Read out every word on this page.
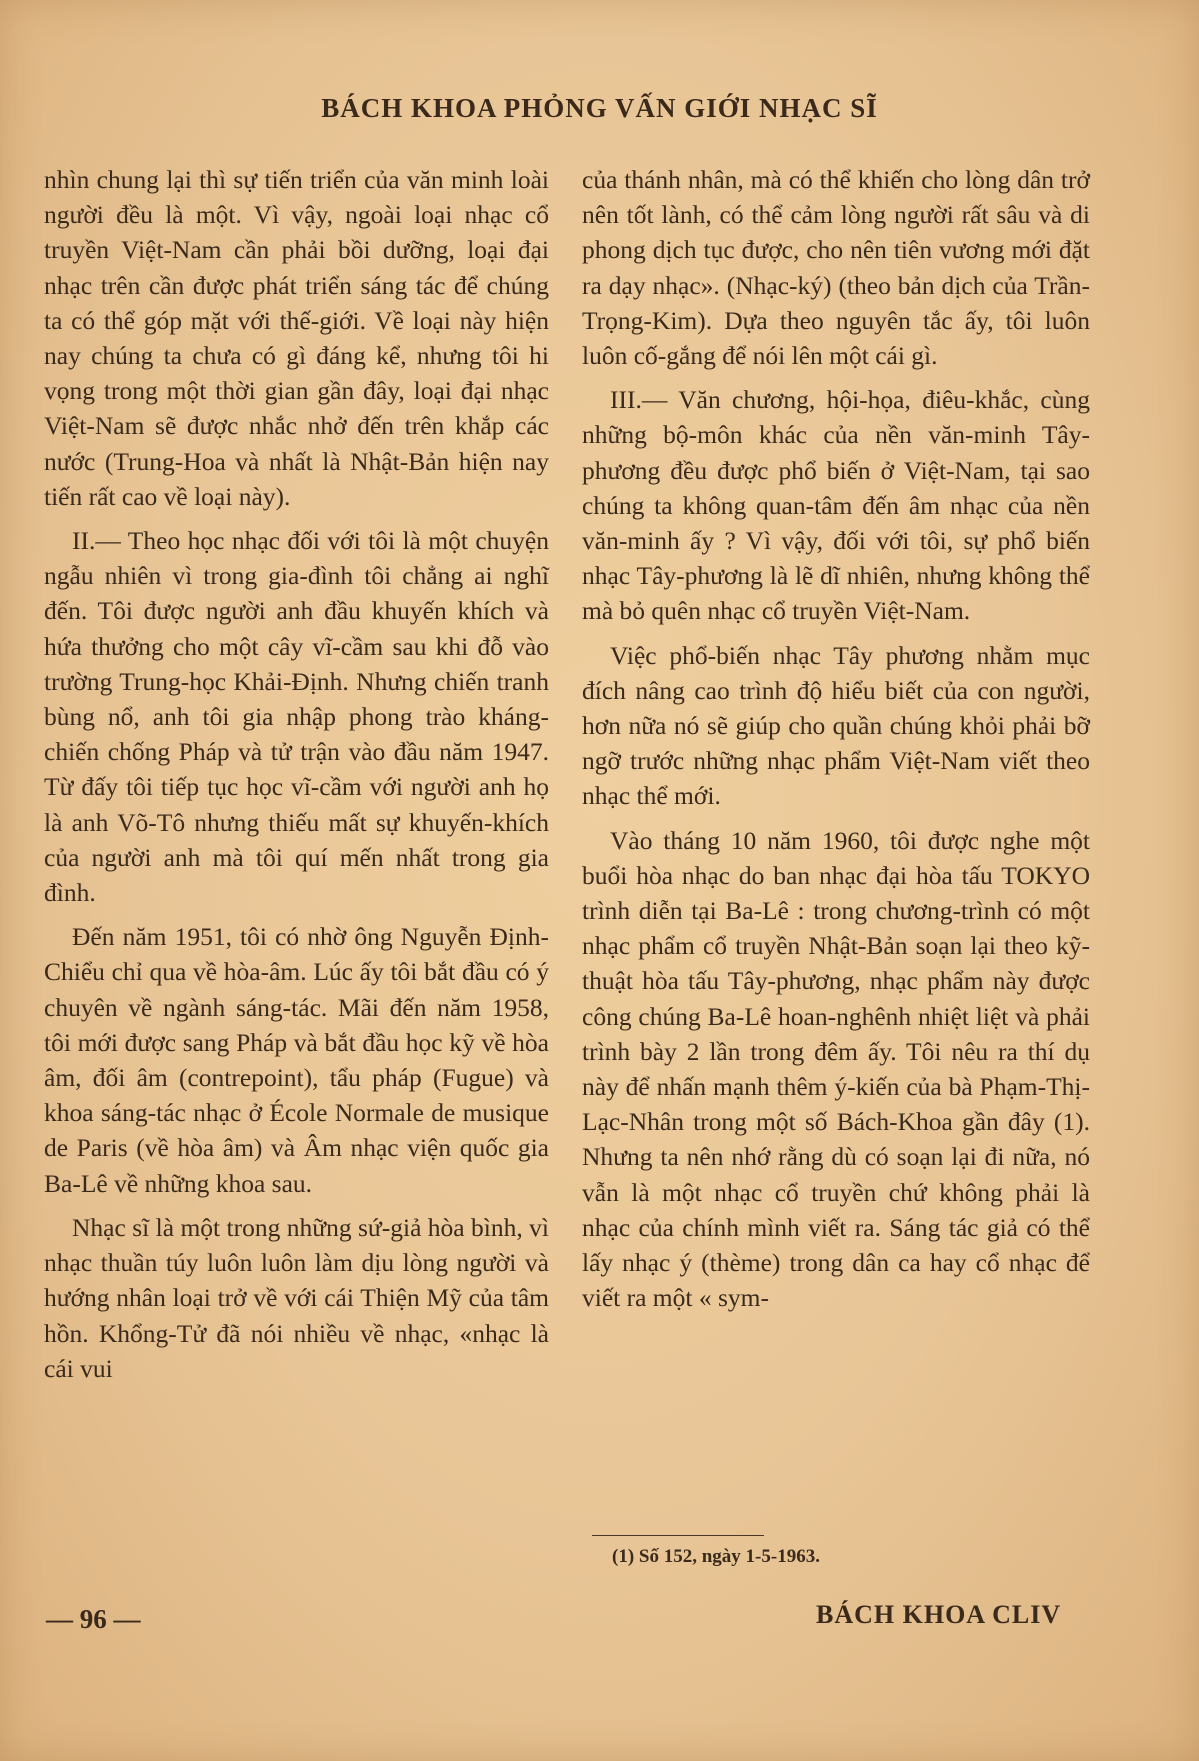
BÁCH KHOA PHỎNG VẤN GIỚI NHẠC SĨ

nhìn chung lại thì sự tiến triển của văn minh loài người đều là một. Vì vậy, ngoài loại nhạc cổ truyền Việt-Nam cần phải bồi dưỡng, loại đại nhạc trên cần được phát triển sáng tác để chúng ta có thể góp mặt với thế-giới. Về loại này hiện nay chúng ta chưa có gì đáng kể, nhưng tôi hi vọng trong một thời gian gần đây, loại đại nhạc Việt-Nam sẽ được nhắc nhở đến trên khắp các nước (Trung-Hoa và nhất là Nhật-Bản hiện nay tiến rất cao về loại này).

II.— Theo học nhạc đối với tôi là một chuyện ngẫu nhiên vì trong gia-đình tôi chẳng ai nghĩ đến. Tôi được người anh đầu khuyến khích và hứa thưởng cho một cây vĩ-cầm sau khi đỗ vào trường Trung-học Khải-Định. Nhưng chiến tranh bùng nổ, anh tôi gia nhập phong trào kháng-chiến chống Pháp và tử trận vào đầu năm 1947. Từ đấy tôi tiếp tục học vĩ-cầm với người anh họ là anh Võ-Tô nhưng thiếu mất sự khuyến-khích của người anh mà tôi quí mến nhất trong gia đình.

Đến năm 1951, tôi có nhờ ông Nguyễn Định-Chiểu chỉ qua về hòa-âm. Lúc ấy tôi bắt đầu có ý chuyên về ngành sáng-tác. Mãi đến năm 1958, tôi mới được sang Pháp và bắt đầu học kỹ về hòa âm, đối âm (contrepoint), tẩu pháp (Fugue) và khoa sáng-tác nhạc ở École Normale de musique de Paris (về hòa âm) và Âm nhạc viện quốc gia Ba-Lê về những khoa sau.

Nhạc sĩ là một trong những sứ-giả hòa bình, vì nhạc thuần túy luôn luôn làm dịu lòng người và hướng nhân loại trở về với cái Thiện Mỹ của tâm hồn. Khổng-Tử đã nói nhiều về nhạc, «nhạc là cái vui

của thánh nhân, mà có thể khiến cho lòng dân trở nên tốt lành, có thể cảm lòng người rất sâu và di phong dịch tục được, cho nên tiên vương mới đặt ra dạy nhạc». (Nhạc-ký) (theo bản dịch của Trần-Trọng-Kim). Dựa theo nguyên tắc ấy, tôi luôn luôn cố-gắng để nói lên một cái gì.

III.— Văn chương, hội-họa, điêu-khắc, cùng những bộ-môn khác của nền văn-minh Tây-phương đều được phổ biến ở Việt-Nam, tại sao chúng ta không quan-tâm đến âm nhạc của nền văn-minh ấy ? Vì vậy, đối với tôi, sự phổ biến nhạc Tây-phương là lẽ dĩ nhiên, nhưng không thể mà bỏ quên nhạc cổ truyền Việt-Nam.

Việc phổ-biến nhạc Tây phương nhằm mục đích nâng cao trình độ hiểu biết của con người, hơn nữa nó sẽ giúp cho quần chúng khỏi phải bỡ ngỡ trước những nhạc phẩm Việt-Nam viết theo nhạc thể mới.

Vào tháng 10 năm 1960, tôi được nghe một buổi hòa nhạc do ban nhạc đại hòa tấu TOKYO trình diễn tại Ba-Lê : trong chương-trình có một nhạc phẩm cổ truyền Nhật-Bản soạn lại theo kỹ-thuật hòa tấu Tây-phương, nhạc phẩm này được công chúng Ba-Lê hoan-nghênh nhiệt liệt và phải trình bày 2 lần trong đêm ấy. Tôi nêu ra thí dụ này để nhấn mạnh thêm ý-kiến của bà Phạm-Thị-Lạc-Nhân trong một số Bách-Khoa gần đây (1). Nhưng ta nên nhớ rằng dù có soạn lại đi nữa, nó vẫn là một nhạc cổ truyền chứ không phải là nhạc của chính mình viết ra. Sáng tác giả có thể lấy nhạc ý (thème) trong dân ca hay cổ nhạc để viết ra một « sym-

(1) Số 152, ngày 1-5-1963.
— 96 —	BÁCH KHOA CLIV
